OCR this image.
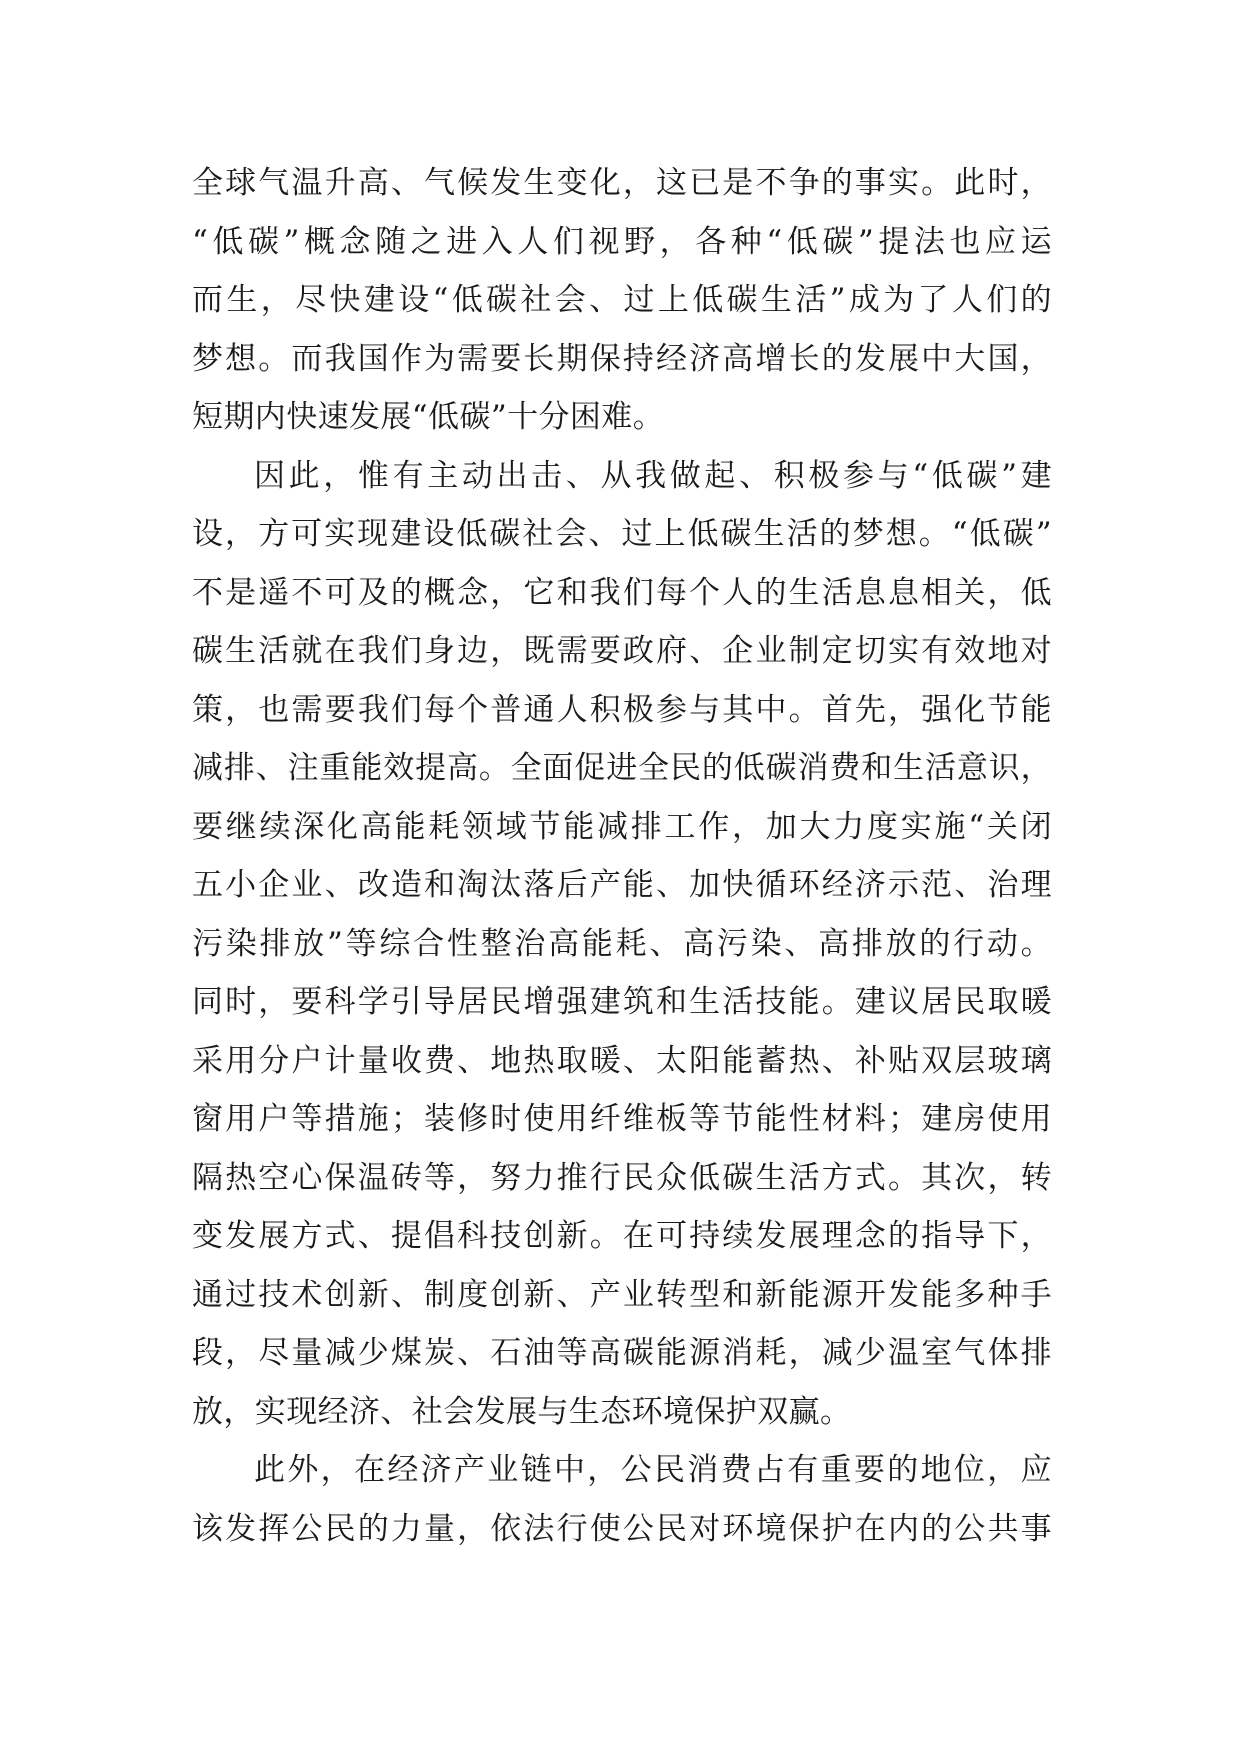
全球气温升高、气候发生变化，这已是不争的事实。此时，
“低碳”概念随之进入人们视野，各种“低碳”提法也应运
而生，尽快建设“低碳社会、过上低碳生活”成为了人们的
梦想。而我国作为需要长期保持经济高增长的发展中大国，
短期内快速发展“低碳”十分困难。
因此，惟有主动出击、从我做起、积极参与“低碳”建
设，方可实现建设低碳社会、过上低碳生活的梦想。“低碳”
不是遥不可及的概念，它和我们每个人的生活息息相关，低
碳生活就在我们身边，既需要政府、企业制定切实有效地对
策，也需要我们每个普通人积极参与其中。首先，强化节能
减排、注重能效提高。全面促进全民的低碳消费和生活意识，
要继续深化高能耗领域节能减排工作，加大力度实施“关闭
五小企业、改造和淘汰落后产能、加快循环经济示范、治理
污染排放”等综合性整治高能耗、高污染、高排放的行动。
同时，要科学引导居民增强建筑和生活技能。建议居民取暖
采用分户计量收费、地热取暖、太阳能蓄热、补贴双层玻璃
窗用户等措施；装修时使用纤维板等节能性材料；建房使用
隔热空心保温砖等，努力推行民众低碳生活方式。其次，转
变发展方式、提倡科技创新。在可持续发展理念的指导下，
通过技术创新、制度创新、产业转型和新能源开发能多种手
段，尽量减少煤炭、石油等高碳能源消耗，减少温室气体排
放，实现经济、社会发展与生态环境保护双赢。
此外，在经济产业链中，公民消费占有重要的地位，应
该发挥公民的力量，依法行使公民对环境保护在内的公共事
